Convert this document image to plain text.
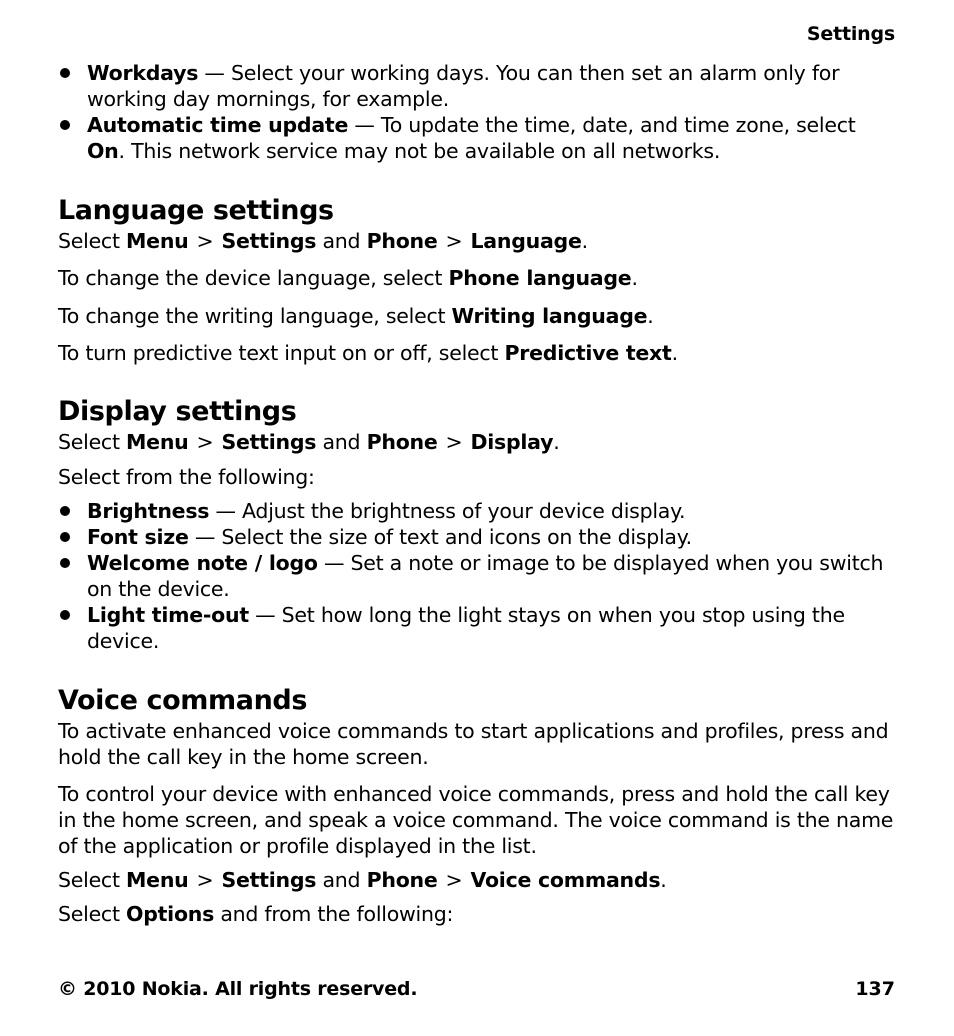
Settings
Workdays — Select your working days. You can then set an alarm only for working day mornings, for example.
Automatic time update — To update the time, date, and time zone, select On. This network service may not be available on all networks.
Language settings

Select Menu > Settings and Phone > Language.

To change the device language, select Phone language.

To change the writing language, select Writing language.

To turn predictive text input on or off, select Predictive text.

Display settings

Select Menu > Settings and Phone > Display.

Select from the following:

Brightness — Adjust the brightness of your device display.
Font size — Select the size of text and icons on the display.
Welcome note / logo — Set a note or image to be displayed when you switch on the device.
Light time-out — Set how long the light stays on when you stop using the device.
Voice commands

To activate enhanced voice commands to start applications and profiles, press and hold the call key in the home screen.

To control your device with enhanced voice commands, press and hold the call key in the home screen, and speak a voice command. The voice command is the name of the application or profile displayed in the list.

Select Menu > Settings and Phone > Voice commands.

Select Options and from the following:

© 2010 Nokia. All rights reserved.	137
